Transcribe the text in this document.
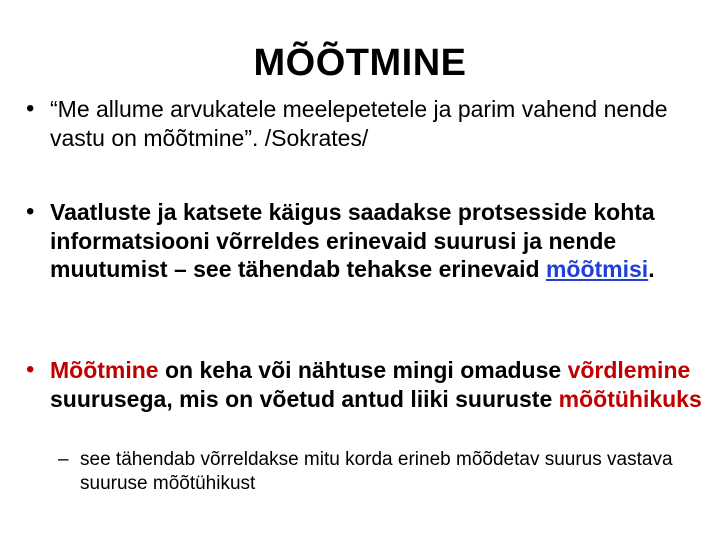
MÕÕTMINE
• “Me allume arvukatele meelepetetele ja parim vahend nende vastu on mõõtmine”. /Sokrates/
• Vaatluste ja katsete käigus saadakse protsesside kohta informatsiooni võrreldes erinevaid suurusi ja nende muutumist – see tähendab tehakse erinevaid mõõtmisi.
• Mõõtmine on keha või nähtuse mingi omaduse võrdlemine suurusega, mis on võetud antud liiki suuruste mõõtühikuks
– see tähendab võrreldakse mitu korda erineb mõõdetav suurus vastava suuruse mõõtühikust
